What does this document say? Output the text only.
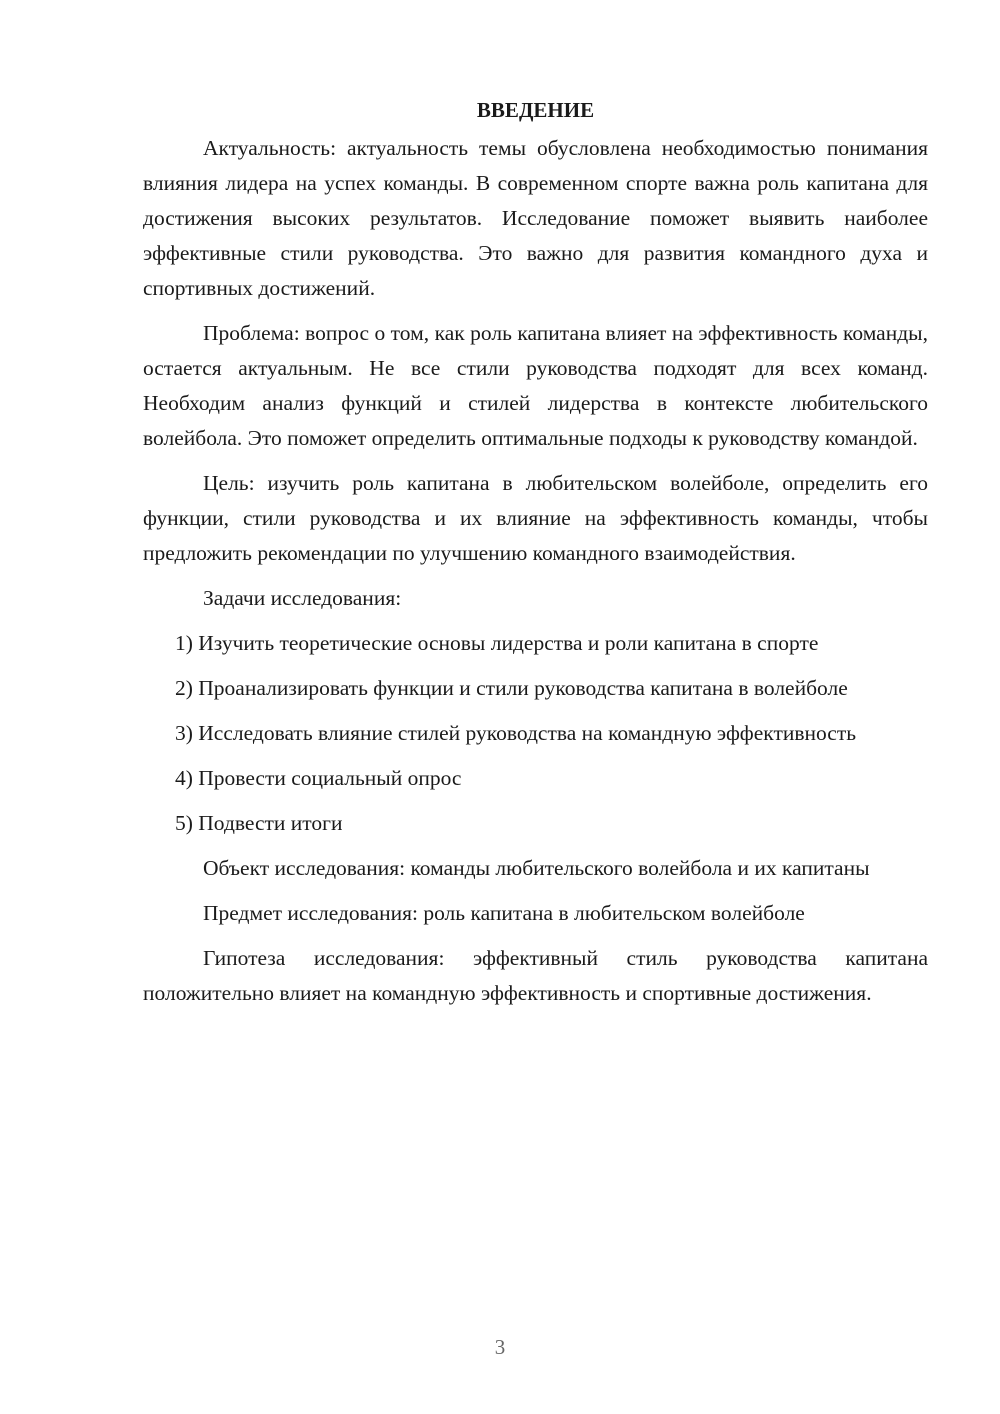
ВВЕДЕНИЕ

Актуальность: актуальность темы обусловлена необходимостью понимания влияния лидера на успех команды. В современном спорте важна роль капитана для достижения высоких результатов. Исследование поможет выявить наиболее эффективные стили руководства. Это важно для развития командного духа и спортивных достижений.

Проблема: вопрос о том, как роль капитана влияет на эффективность команды, остается актуальным. Не все стили руководства подходят для всех команд. Необходим анализ функций и стилей лидерства в контексте любительского волейбола. Это поможет определить оптимальные подходы к руководству командой.

Цель: изучить роль капитана в любительском волейболе, определить его функции, стили руководства и их влияние на эффективность команды, чтобы предложить рекомендации по улучшению командного взаимодействия.

Задачи исследования:

1) Изучить теоретические основы лидерства и роли капитана в спорте

2) Проанализировать функции и стили руководства капитана в волейболе

3) Исследовать влияние стилей руководства на командную эффективность

4) Провести социальный опрос

5) Подвести итоги

Объект исследования: команды любительского волейбола и их капитаны

Предмет исследования: роль капитана в любительском волейболе

Гипотеза исследования: эффективный стиль руководства капитана положительно влияет на командную эффективность и спортивные достижения.

3
